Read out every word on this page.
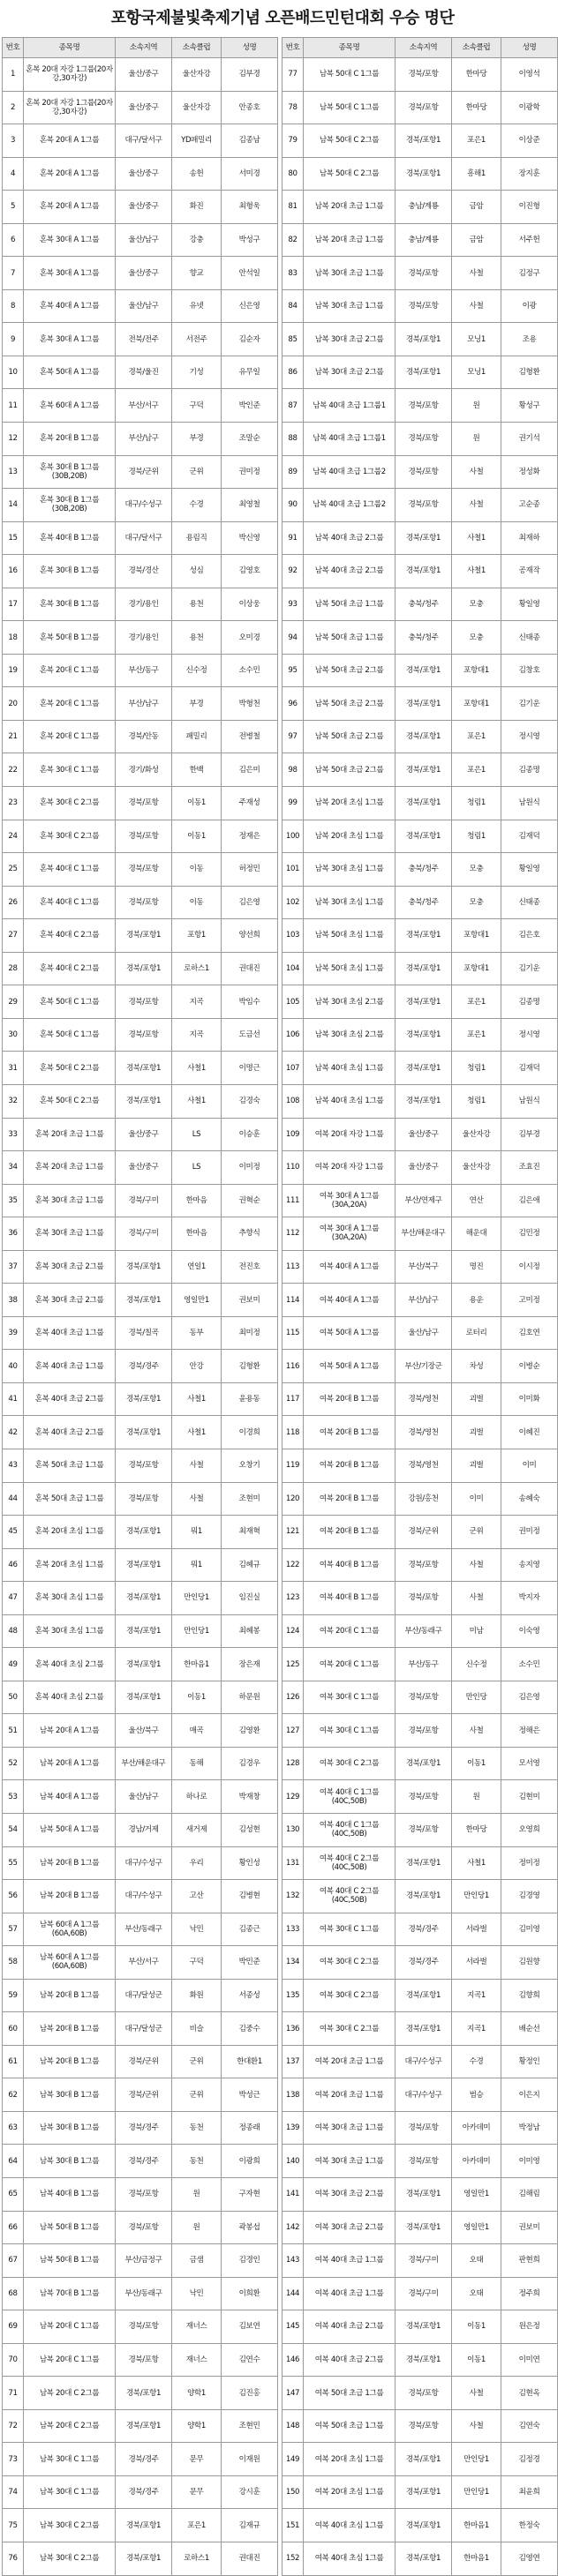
포항국제불빛축제기념 오픈배드민턴대회 우승 명단
번호	종목명	소속지역	소속클럽	성명
1	혼복 20대 자강 1그룹(20자강,30자강)	울산/중구	울산자강	김부경
2	혼복 20대 자강 1그룹(20자강,30자강)	울산/중구	울산자강	안종호
3	혼복 20대 A 1그룹	대구/달서구	YD패밀리	김종남
4	혼복 20대 A 1그룹	울산/중구	송헌	서미경
5	혼복 20대 A 1그룹	울산/중구	화진	최형욱
6	혼복 30대 A 1그룹	울산/남구	강충	박성구
7	혼복 30대 A 1그룹	울산/중구	향교	안석일
8	혼복 40대 A 1그룹	울산/남구	유넷	신은영
9	혼복 30대 A 1그룹	전북/전주	서전주	김순자
10	혼복 50대 A 1그룹	경북/울진	기성	유무일
11	혼복 60대 A 1그룹	부산/서구	구덕	박인준
12	혼복 20대 B 1그룹	부산/남구	부경	조말순
13	혼복 30대 B 1그룹(30B,20B)	경북/군위	군위	권미정
14	혼복 30대 B 1그룹(30B,20B)	대구/수성구	수경	최영철
15	혼복 40대 B 1그룹	대구/달서구	용림직	박신영
16	혼복 30대 B 1그룹	경북/경산	성심	김영호
17	혼복 30대 B 1그룹	경기/용인	용천	이상웅
18	혼복 50대 B 1그룹	경기/용인	용천	오미경
19	혼복 20대 C 1그룹	부산/동구	신수정	소수민
20	혼복 20대 C 1그룹	부산/남구	부경	박형천
21	혼복 20대 C 1그룹	경북/안동	패밀리	전병철
22	혼복 30대 C 1그룹	경기/화성	한백	김은미
23	혼복 30대 C 2그룹	경북/포항	이동1	주재성
24	혼복 30대 C 2그룹	경북/포항	이동1	정재은
25	혼복 40대 C 1그룹	경북/포항	이동	허정민
26	혼복 40대 C 1그룹	경북/포항	이동	김은영
27	혼복 40대 C 2그룹	경북/포항1	포항1	양선희
28	혼복 40대 C 2그룹	경북/포항1	로하스1	권대진
29	혼복 50대 C 1그룹	경북/포항	지곡	박임수
30	혼복 50대 C 1그룹	경북/포항	지곡	도금선
31	혼복 50대 C 2그룹	경북/포항1	사철1	이명근
32	혼복 50대 C 2그룹	경북/포항1	사철1	김경숙
33	혼복 20대 초급 1그룹	울산/중구	LS	이승훈
34	혼복 20대 초급 1그룹	울산/중구	LS	이미정
35	혼복 30대 초급 1그룹	경북/구미	한마음	권혁순
36	혼복 30대 초급 1그룹	경북/구미	한마음	추향식
37	혼복 30대 초급 2그룹	경북/포항1	연일1	전진호
38	혼복 30대 초급 2그룹	경북/포항1	영일만1	권보미
39	혼복 40대 초급 1그룹	경북/칠곡	동부	최미정
40	혼복 40대 초급 1그룹	경북/경주	안강	김형환
41	혼복 40대 초급 2그룹	경북/포항1	사철1	윤용동
42	혼복 40대 초급 2그룹	경북/포항1	사철1	이경희
43	혼복 50대 초급 1그룹	경북/포항	사철	오창기
44	혼복 50대 초급 1그룹	경북/포항	사철	조현미
45	혼복 20대 초심 1그룹	경북/포항1	뭐1	최재혁
46	혼복 20대 초심 1그룹	경북/포항1	뭐1	김혜규
47	혼복 30대 초심 1그룹	경북/포항1	만인당1	임진실
48	혼복 30대 초심 1그룹	경북/포항1	만인당1	최혜봉
49	혼복 40대 초심 2그룹	경북/포항1	한마음1	장은재
50	혼복 40대 초심 2그룹	경북/포항1	이동1	하문원
51	남복 20대 A 1그룹	울산/북구	매곡	김영환
52	남복 20대 A 1그룹	부산/해운대구	동해	김경우
53	남복 40대 A 1그룹	울산/남구	하나로	박재창
54	남복 50대 A 1그룹	경남/거제	새거제	김성현
55	남복 20대 B 1그룹	대구/수성구	우리	황인성
56	남복 20대 B 1그룹	대구/수성구	고산	김병현
57	남복 60대 A 1그룹(60A,60B)	부산/동래구	낙민	김종근
58	남복 60대 A 1그룹(60A,60B)	부산/서구	구덕	박민준
59	남복 20대 B 1그룹	대구/달성군	화원	서종성
60	남복 20대 B 1그룹	대구/달성군	비슬	김중수
61	남복 20대 B 1그룹	경북/군위	군위	한대환1
62	남복 30대 B 1그룹	경북/군위	군위	박성근
63	남복 30대 B 1그룹	경북/경주	동천	정종래
64	남복 30대 B 1그룹	경북/경주	동천	이광희
65	남복 40대 B 1그룹	경북/포항	원	구자현
66	남복 50대 B 1그룹	경북/포항	원	곽봉섭
67	남복 50대 B 1그룹	부산/금정구	금샘	김경인
68	남복 70대 B 1그룹	부산/동래구	낙민	이희환
69	남복 20대 C 1그룹	경북/포항	재너스	김보연
70	남복 20대 C 1그룹	경북/포항	재너스	김연수
71	남복 20대 C 2그룹	경북/포항1	양학1	김진홍
72	남복 20대 C 2그룹	경북/포항1	양학1	조현민
73	남복 30대 C 1그룹	경북/경주	문무	이재원
74	남복 30대 C 1그룹	경북/경주	문무	강시훈
75	남복 30대 C 2그룹	경북/포항1	포은1	김재규
76	남복 30대 C 2그룹	경북/포항1	로하스1	권대진
번호	종목명	소속지역	소속클럽	성명
77	남복 50대 C 1그룹	경북/포항	한마당	이영석
78	남복 50대 C 1그룹	경북/포항	한마당	이광학
79	남복 50대 C 2그룹	경북/포항1	포은1	이상준
80	남복 50대 C 2그룹	경북/포항1	흥해1	장지훈
81	남복 20대 초급 1그룹	충남/계룡	금암	이진형
82	남복 20대 초급 1그룹	충남/계룡	금암	서주헌
83	남복 30대 초급 1그룹	경북/포항	사철	김정구
84	남복 30대 초급 1그룹	경북/포항	사철	이광
85	남복 30대 초급 2그룹	경북/포항1	모닝1	조용
86	남복 30대 초급 2그룹	경북/포항1	모닝1	김형환
87	남복 40대 초급 1그룹1	경북/포항	원	황성구
88	남복 40대 초급 1그룹1	경북/포항	원	권기석
89	남복 40대 초급 1그룹2	경북/포항	사철	정성화
90	남복 40대 초급 1그룹2	경북/포항	사철	고순종
91	남복 40대 초급 2그룹	경북/포항1	사철1	최재하
92	남복 40대 초급 2그룹	경북/포항1	사철1	공재작
93	남복 50대 초급 1그룹	충북/청주	모충	황일영
94	남복 50대 초급 1그룹	충북/청주	모충	신태종
95	남복 50대 초급 2그룹	경북/포항1	포항대1	김창호
96	남복 50대 초급 2그룹	경북/포항1	포항대1	김기운
97	남복 50대 초급 2그룹	경북/포항1	포은1	정시영
98	남복 50대 초급 2그룹	경북/포항1	포은1	김종명
99	남복 20대 초심 1그룹	경북/포항1	청림1	남원식
100	남복 20대 초심 1그룹	경북/포항1	청림1	김재덕
101	남복 30대 초심 1그룹	충북/청주	모충	황일영
102	남복 30대 초심 1그룹	충북/청주	모충	신태종
103	남복 50대 초심 1그룹	경북/포항1	포항대1	김은호
104	남복 50대 초심 1그룹	경북/포항1	포항대1	김기운
105	남복 30대 초심 2그룹	경북/포항1	포은1	김종명
106	남복 30대 초심 2그룹	경북/포항1	포은1	정시영
107	남복 40대 초심 1그룹	경북/포항1	청림1	김재덕
108	남복 40대 초심 1그룹	경북/포항1	청림1	남원식
109	여복 20대 자강 1그룹	울산/중구	울산자강	김부경
110	여복 20대 자강 1그룹	울산/중구	울산자강	조효진
111	여복 30대 A 1그룹(30A,20A)	부산/연제구	연산	김은애
112	여복 30대 A 1그룹(30A,20A)	부산/해운대구	해운대	김민정
113	여복 40대 A 1그룹	부산/북구	명진	이시정
114	여복 40대 A 1그룹	부산/남구	용운	고미정
115	여복 50대 A 1그룹	울산/남구	로터리	김호연
116	여복 50대 A 1그룹	부산/기장군	차성	이병순
117	여복 20대 B 1그룹	경북/영천	괴벌	이미화
118	여복 20대 B 1그룹	경북/영천	괴벌	이혜진
119	여복 20대 B 1그룹	경북/영천	괴벌	이미
120	여복 20대 B 1그룹	강원/홍천	이미	송혜숙
121	여복 20대 B 1그룹	경북/군위	군위	권미정
122	여복 40대 B 1그룹	경북/포항	사철	송지영
123	여복 40대 B 1그룹	경북/포항	사철	박지자
124	여복 20대 C 1그룹	부산/동래구	미남	이숙영
125	여복 20대 C 1그룹	부산/동구	신수정	소수민
126	여복 30대 C 1그룹	경북/포항	만인당	김은영
127	여복 30대 C 1그룹	경북/포항	사철	정해은
128	여복 30대 C 2그룹	경북/포항1	이동1	모서영
129	여복 40대 C 1그룹(40C,50B)	경북/포항	원	김현미
130	여복 40대 C 1그룹(40C,50B)	경북/포항	한마당	오영희
131	여복 40대 C 2그룹(40C,50B)	경북/포항1	사철1	정미정
132	여복 40대 C 2그룹(40C,50B)	경북/포항1	만인당1	김경영
133	여복 30대 C 1그룹	경북/경주	서라벌	김미영
134	여복 30대 C 2그룹	경북/경주	서라벌	김원향
135	여복 30대 C 2그룹	경북/포항1	지곡1	김향희
136	여복 30대 C 2그룹	경북/포항1	지곡1	배순선
137	여복 20대 초급 1그룹	대구/수성구	수경	황정인
138	여복 20대 초급 1그룹	대구/수성구	범승	이은지
139	여복 30대 초급 1그룹	경북/포항	아카데미	박정남
140	여복 30대 초급 1그룹	경북/포항	아카데미	이미영
141	여복 30대 초급 2그룹	경북/포항1	영일만1	김해림
142	여복 30대 초급 2그룹	경북/포항1	영일만1	권보미
143	여복 40대 초급 1그룹	경북/구미	오태	판현희
144	여복 40대 초급 1그룹	경북/구미	오태	정주희
145	여복 40대 초급 2그룹	경북/포항1	이동1	원은정
146	여복 40대 초급 2그룹	경북/포항1	이동1	이미연
147	여복 50대 초급 1그룹	경북/포항	사철	김현옥
148	여복 50대 초급 1그룹	경북/포항	사철	김연숙
149	여복 20대 초심 1그룹	경북/포항1	만인당1	김정경
150	여복 20대 초심 1그룹	경북/포항1	만인당1	최윤희
151	여복 40대 초심 1그룹	경북/포항1	한마음1	한정숙
152	여복 40대 초심 1그룹	경북/포항1	한마음1	김영연
